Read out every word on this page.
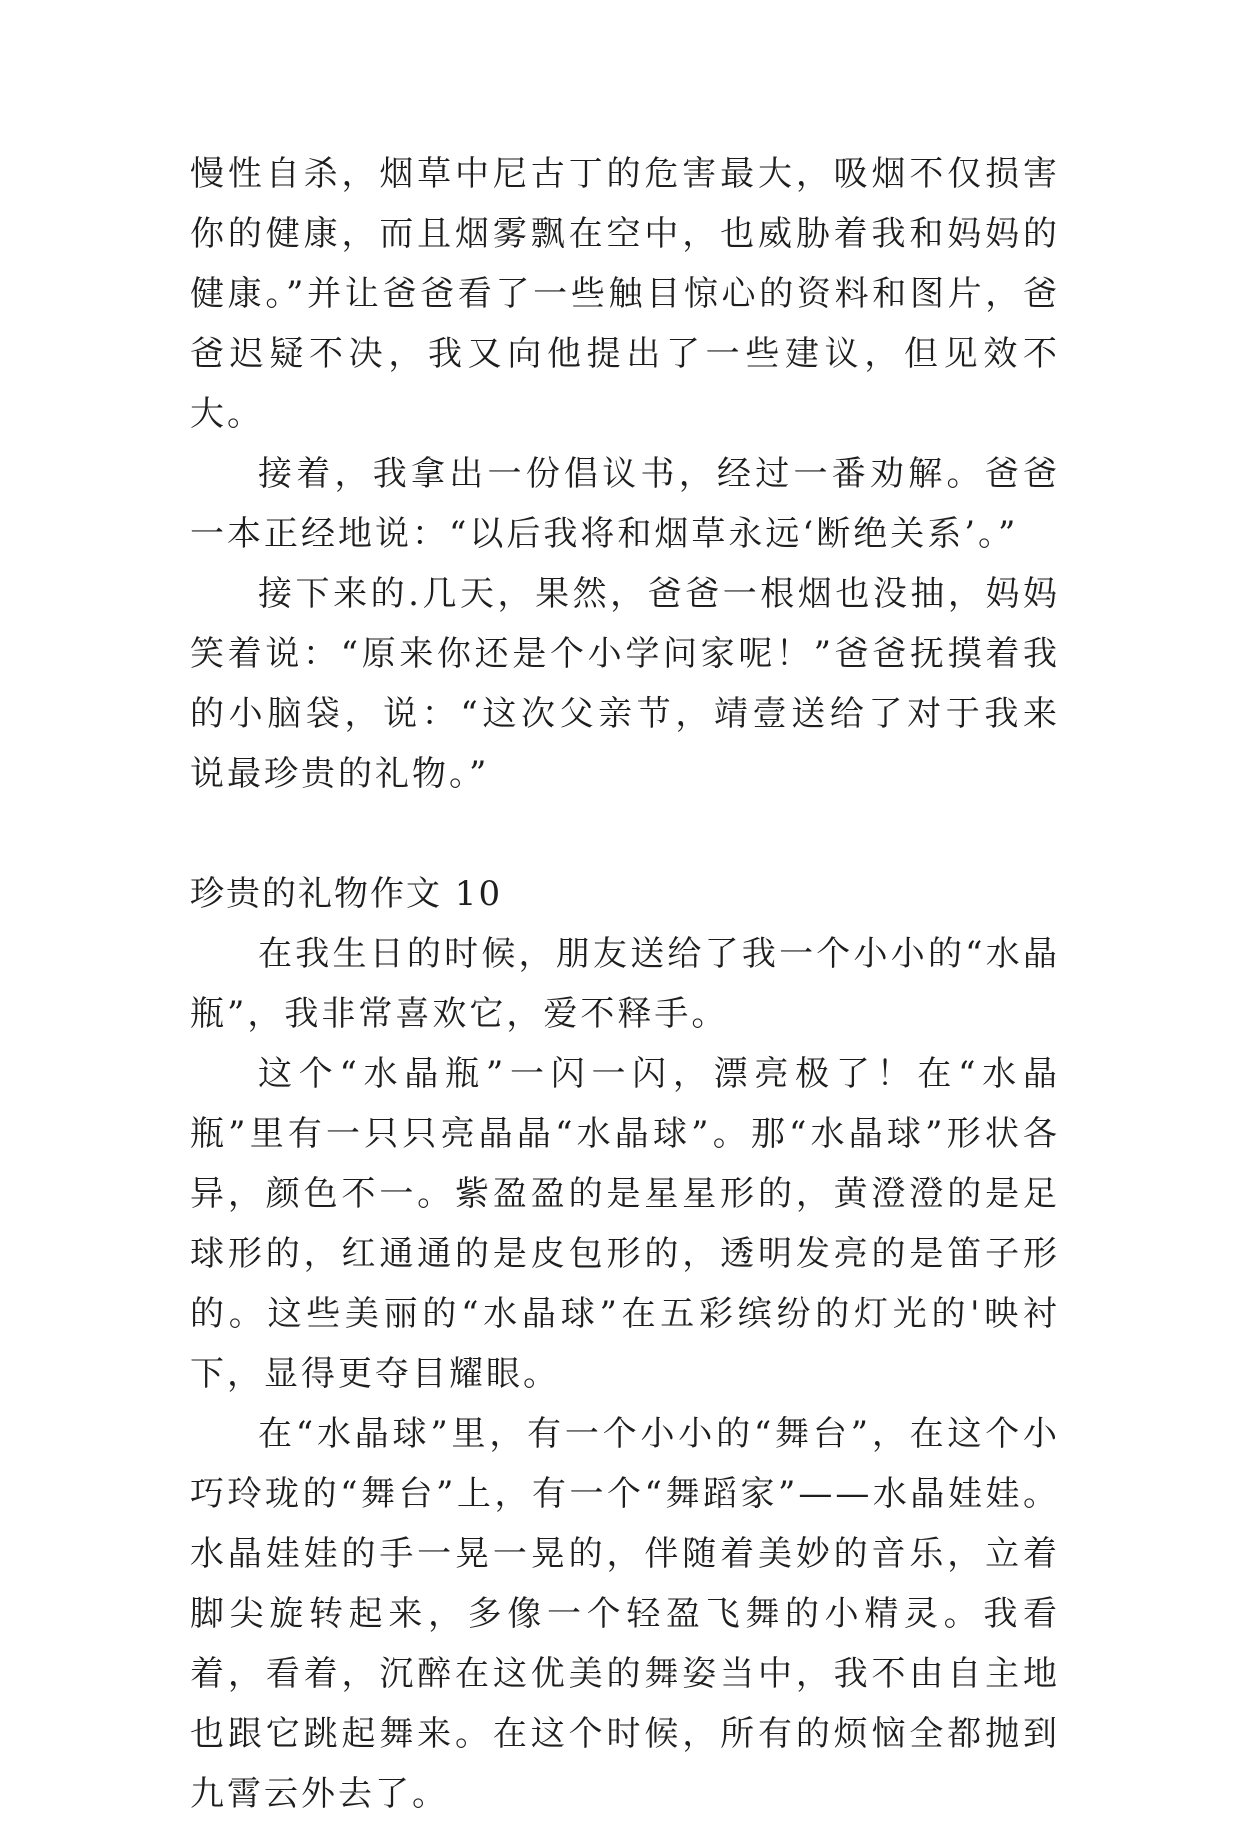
慢性自杀，烟草中尼古丁的危害最大，吸烟不仅损害你的健康，而且烟雾飘在空中，也威胁着我和妈妈的健康。”并让爸爸看了一些触目惊心的资料和图片，爸爸迟疑不决，我又向他提出了一些建议，但见效不大。

接着，我拿出一份倡议书，经过一番劝解。爸爸一本正经地说：“以后我将和烟草永远‘断绝关系’。”

接下来的.几天，果然，爸爸一根烟也没抽，妈妈笑着说：“原来你还是个小学问家呢！”爸爸抚摸着我的小脑袋，说：“这次父亲节，靖壹送给了对于我来说最珍贵的礼物。”

珍贵的礼物作文 10

在我生日的时候，朋友送给了我一个小小的“水晶瓶”，我非常喜欢它，爱不释手。

这个“水晶瓶”一闪一闪，漂亮极了！在“水晶瓶”里有一只只亮晶晶“水晶球”。那“水晶球”形状各异，颜色不一。紫盈盈的是星星形的，黄澄澄的是足球形的，红通通的是皮包形的，透明发亮的是笛子形的。这些美丽的“水晶球”在五彩缤纷的灯光的'映衬下，显得更夺目耀眼。

在“水晶球”里，有一个小小的“舞台”，在这个小巧玲珑的“舞台”上，有一个“舞蹈家”——水晶娃娃。水晶娃娃的手一晃一晃的，伴随着美妙的音乐，立着脚尖旋转起来，多像一个轻盈飞舞的小精灵。我看着，看着，沉醉在这优美的舞姿当中，我不由自主地也跟它跳起舞来。在这个时候，所有的烦恼全都抛到九霄云外去了。
